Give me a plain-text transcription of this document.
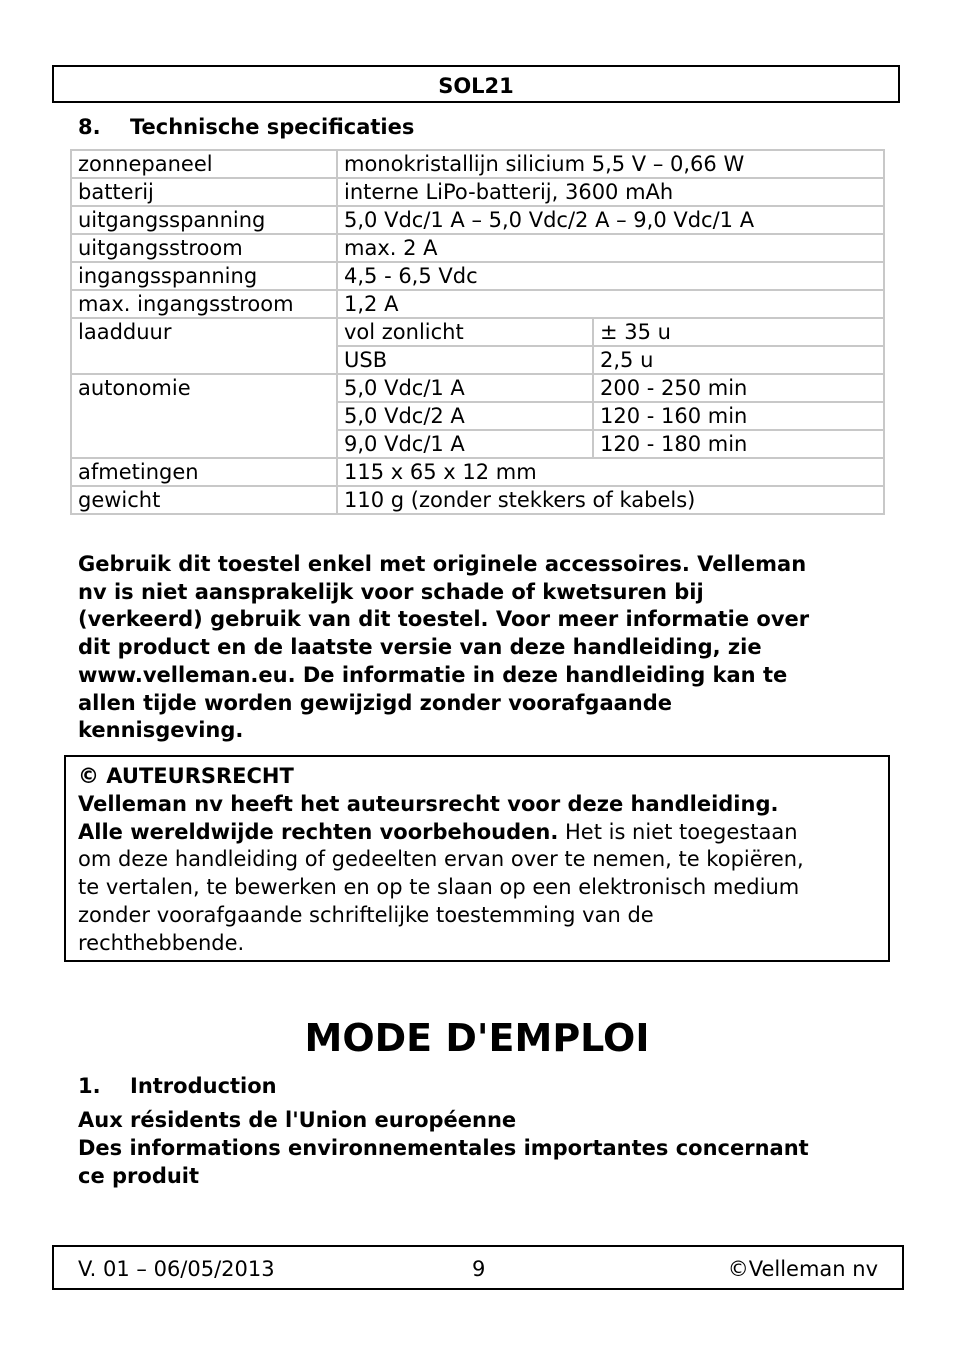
SOL21
8. Technische specificaties
zonnepaneel	monokristallijn silicium 5,5 V – 0,66 W	
batterij	interne LiPo-batterij, 3600 mAh	
uitgangsspanning	5,0 Vdc/1 A – 5,0 Vdc/2 A – 9,0 Vdc/1 A	
uitgangsstroom	max. 2 A	
ingangsspanning	4,5 - 6,5 Vdc	
max. ingangsstroom	1,2 A	
laadduur	vol zonlicht	± 35 u
	USB	2,5 u
autonomie	5,0 Vdc/1 A	200 - 250 min
	5,0 Vdc/2 A	120 - 160 min
	9,0 Vdc/1 A	120 - 180 min
afmetingen	115 x 65 x 12 mm	
gewicht	110 g (zonder stekkers of kabels)	
Gebruik dit toestel enkel met originele accessoires. Velleman
nv is niet aansprakelijk voor schade of kwetsuren bij
(verkeerd) gebruik van dit toestel. Voor meer informatie over
dit product en de laatste versie van deze handleiding, zie
www.velleman.eu. De informatie in deze handleiding kan te
allen tijde worden gewijzigd zonder voorafgaande
kennisgeving.
© AUTEURSRECHT
Velleman nv heeft het auteursrecht voor deze handleiding.
Alle wereldwijde rechten voorbehouden. Het is niet toegestaan
om deze handleiding of gedeelten ervan over te nemen, te kopiëren,
te vertalen, te bewerken en op te slaan op een elektronisch medium
zonder voorafgaande schriftelijke toestemming van de
rechthebbende.
MODE D'EMPLOI
1. Introduction
Aux résidents de l'Union européenne
Des informations environnementales importantes concernant
ce produit
V. 01 – 06/05/2013	9	©Velleman nv
